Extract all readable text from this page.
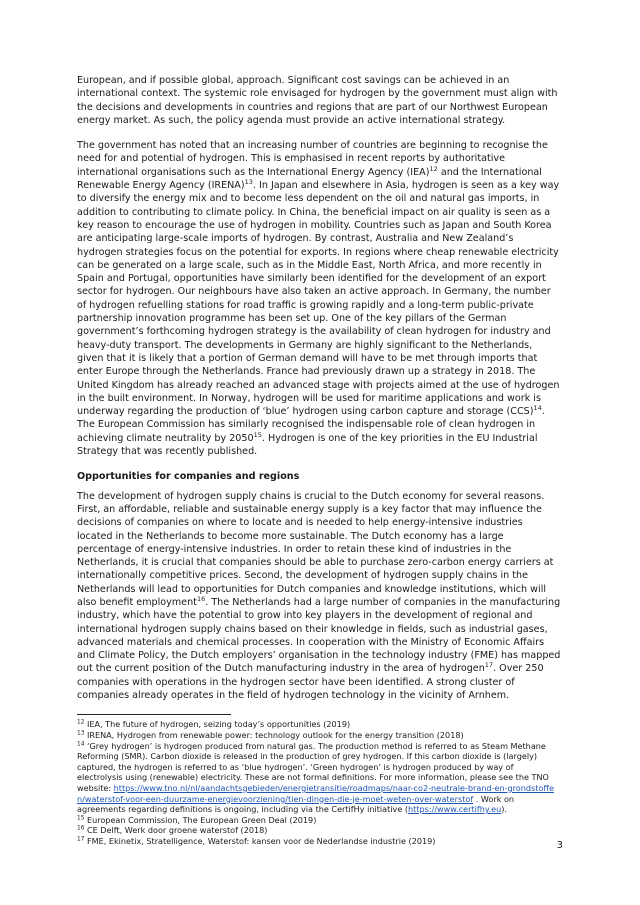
European, and if possible global, approach. Significant cost savings can be achieved in an international context. The systemic role envisaged for hydrogen by the government must align with the decisions and developments in countries and regions that are part of our Northwest European energy market. As such, the policy agenda must provide an active international strategy.

The government has noted that an increasing number of countries are beginning to recognise the need for and potential of hydrogen. This is emphasised in recent reports by authoritative international organisations such as the International Energy Agency (IEA)$^{12}$ and the International Renewable Energy Agency (IRENA)$^{13}$. In Japan and elsewhere in Asia, hydrogen is seen as a key way to diversify the energy mix and to become less dependent on the oil and natural gas imports, in addition to contributing to climate policy. In China, the beneficial impact on air quality is seen as a key reason to encourage the use of hydrogen in mobility. Countries such as Japan and South Korea are anticipating large-scale imports of hydrogen. By contrast, Australia and New Zealand’s hydrogen strategies focus on the potential for exports. In regions where cheap renewable electricity can be generated on a large scale, such as in the Middle East, North Africa, and more recently in Spain and Portugal, opportunities have similarly been identified for the development of an export sector for hydrogen. Our neighbours have also taken an active approach. In Germany, the number of hydrogen refuelling stations for road traffic is growing rapidly and a long-term public-private partnership innovation programme has been set up. One of the key pillars of the German government’s forthcoming hydrogen strategy is the availability of clean hydrogen for industry and heavy-duty transport. The developments in Germany are highly significant to the Netherlands, given that it is likely that a portion of German demand will have to be met through imports that enter Europe through the Netherlands. France had previously drawn up a strategy in 2018. The United Kingdom has already reached an advanced stage with projects aimed at the use of hydrogen in the built environment. In Norway, hydrogen will be used for maritime applications and work is underway regarding the production of ‘blue’ hydrogen using carbon capture and storage (CCS)$^{14}$. The European Commission has similarly recognised the indispensable role of clean hydrogen in achieving climate neutrality by 2050$^{15}$. Hydrogen is one of the key priorities in the EU Industrial Strategy that was recently published.

Opportunities for companies and regions

The development of hydrogen supply chains is crucial to the Dutch economy for several reasons. First, an affordable, reliable and sustainable energy supply is a key factor that may influence the decisions of companies on where to locate and is needed to help energy-intensive industries located in the Netherlands to become more sustainable. The Dutch economy has a large percentage of energy-intensive industries. In order to retain these kind of industries in the Netherlands, it is crucial that companies should be able to purchase zero-carbon energy carriers at internationally competitive prices. Second, the development of hydrogen supply chains in the Netherlands will lead to opportunities for Dutch companies and knowledge institutions, which will also benefit employment$^{16}$. The Netherlands had a large number of companies in the manufacturing industry, which have the potential to grow into key players in the development of regional and international hydrogen supply chains based on their knowledge in fields, such as industrial gases, advanced materials and chemical processes. In cooperation with the Ministry of Economic Affairs and Climate Policy, the Dutch employers’ organisation in the technology industry (FME) has mapped out the current position of the Dutch manufacturing industry in the area of hydrogen$^{17}$. Over 250 companies with operations in the hydrogen sector have been identified. A strong cluster of companies already operates in the field of hydrogen technology in the vicinity of Arnhem.

$^{12}$ IEA, The future of hydrogen, seizing today’s opportunities (2019)

$^{13}$ IRENA, Hydrogen from renewable power: technology outlook for the energy transition (2018)

$^{14}$ ‘Grey hydrogen’ is hydrogen produced from natural gas. The production method is referred to as Steam Methane Reforming (SMR). Carbon dioxide is released in the production of grey hydrogen. If this carbon dioxide is (largely) captured, the hydrogen is referred to as ‘blue hydrogen’. ‘Green hydrogen’ is hydrogen produced by way of electrolysis using (renewable) electricity. These are not formal definitions. For more information, please see the TNO website: https://www.tno.nl/nl/aandachtsgebieden/energietransitie/roadmaps/naar-co2-neutrale-brand-en-grondstoffen/waterstof-voor-een-duurzame-energievoorziening/tien-dingen-die-je-moet-weten-over-waterstof . Work on agreements regarding definitions is ongoing, including via the CertifHy initiative (https://www.certifhy.eu).

$^{15}$ European Commission, The European Green Deal (2019)

$^{16}$ CE Delft, Werk door groene waterstof (2018)

$^{17}$ FME, Ekinetix, Stratelligence, Waterstof: kansen voor de Nederlandse industrie (2019)	3
